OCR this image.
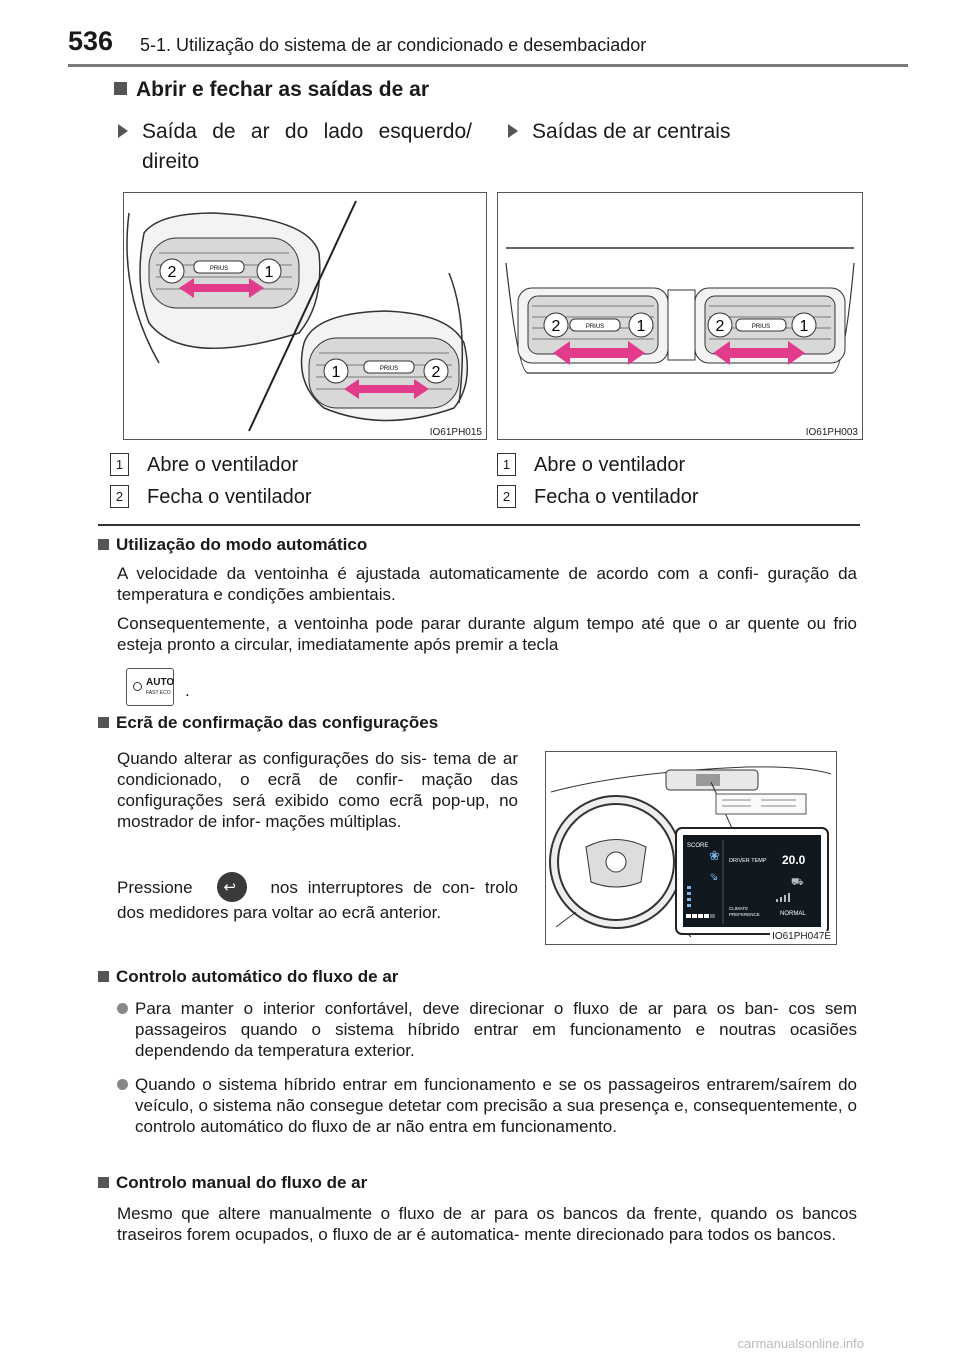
536 5-1. Utilização do sistema de ar condicionado e desembaciador
Abrir e fechar as saídas de ar
Saída de ar do lado esquerdo/ direito
Saídas de ar centrais
PRIUS
2	1
PRIUS
1	2
IO61PH015
PRIUS
2	1	PRIUS
2	1
IO61PH003
1 Abre o ventilador
2 Fecha o ventilador
1 Abre o ventilador
2 Fecha o ventilador
Utilização do modo automático
A velocidade da ventoinha é ajustada automaticamente de acordo com a confi- guração da temperatura e condições ambientais.
Consequentemente, a ventoinha pode parar durante algum tempo até que o ar quente ou frio esteja pronto a circular, imediatamente após premir a tecla
AUTO
FAST ECO .
Ecrã de confirmação das configurações
Quando alterar as configurações do sis- tema de ar condicionado, o ecrã de confir- mação das configurações será exibido como ecrã pop-up, no mostrador de infor- mações múltiplas.
Pressione ↩ nos interruptores de con- trolo dos medidores para voltar ao ecrã anterior.
SCORE
❀
⇘
DRIVER TEMP 20.0
⛟
CLIMATE
PREFERENCE	NORMAL
IO61PH047E
Controlo automático do fluxo de ar
Para manter o interior confortável, deve direcionar o fluxo de ar para os ban- cos sem passageiros quando o sistema híbrido entrar em funcionamento e noutras ocasiões dependendo da temperatura exterior.
Quando o sistema híbrido entrar em funcionamento e se os passageiros entrarem/saírem do veículo, o sistema não consegue detetar com precisão a sua presença e, consequentemente, o controlo automático do fluxo de ar não entra em funcionamento.
Controlo manual do fluxo de ar
Mesmo que altere manualmente o fluxo de ar para os bancos da frente, quando os bancos traseiros forem ocupados, o fluxo de ar é automatica- mente direcionado para todos os bancos.
carmanualsonline.info
